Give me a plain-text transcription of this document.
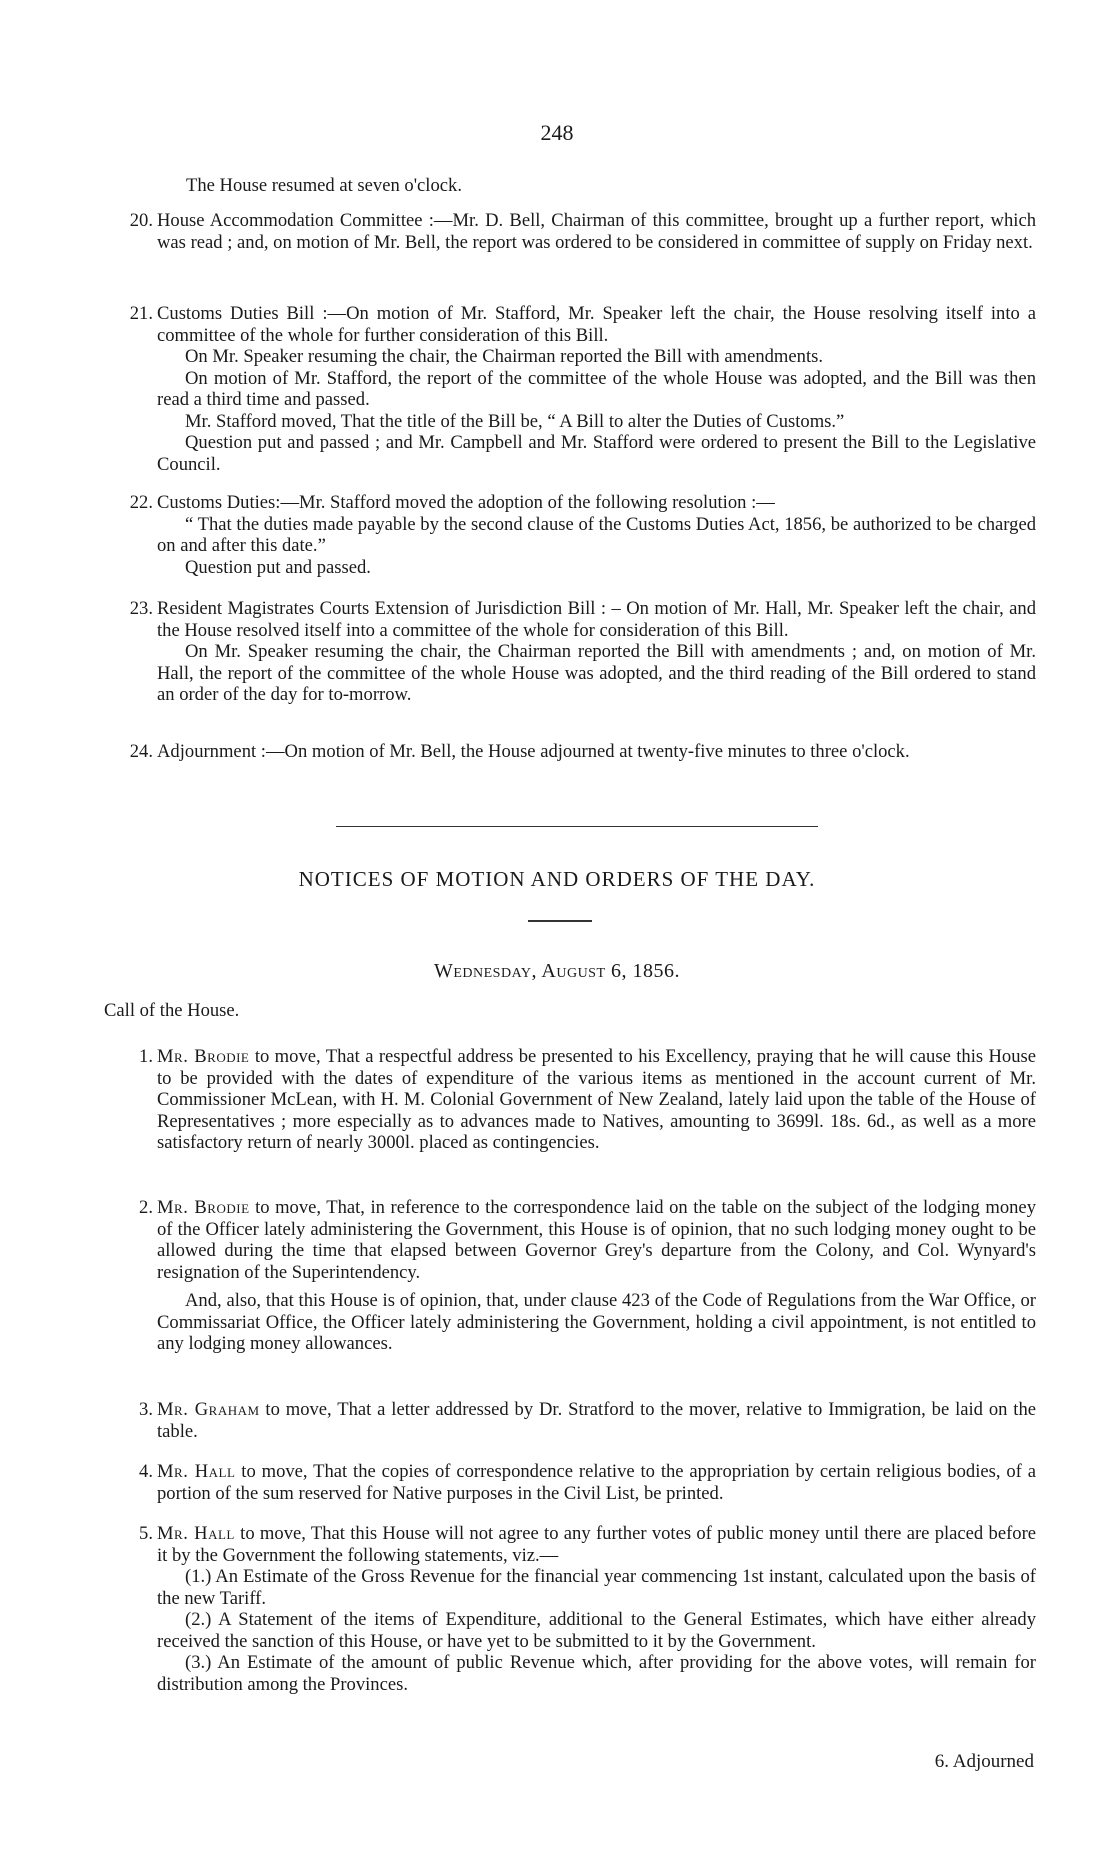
248

The House resumed at seven o'clock.

20. House Accommodation Committee :—Mr. D. Bell, Chairman of this committee, brought up a further report, which was read ; and, on motion of Mr. Bell, the report was ordered to be considered in committee of supply on Friday next.

21. Customs Duties Bill :—On motion of Mr. Stafford, Mr. Speaker left the chair, the House resolving itself into a committee of the whole for further consideration of this Bill.

On Mr. Speaker resuming the chair, the Chairman reported the Bill with amendments.

On motion of Mr. Stafford, the report of the committee of the whole House was adopted, and the Bill was then read a third time and passed.

Mr. Stafford moved, That the title of the Bill be, “ A Bill to alter the Duties of Customs.”

Question put and passed ; and Mr. Campbell and Mr. Stafford were ordered to present the Bill to the Legislative Council.

22. Customs Duties:—Mr. Stafford moved the adoption of the following resolution :—

“ That the duties made payable by the second clause of the Customs Duties Act, 1856, be authorized to be charged on and after this date.”

Question put and passed.

23. Resident Magistrates Courts Extension of Jurisdiction Bill : – On motion of Mr. Hall, Mr. Speaker left the chair, and the House resolved itself into a committee of the whole for consideration of this Bill.

On Mr. Speaker resuming the chair, the Chairman reported the Bill with amendments ; and, on motion of Mr. Hall, the report of the committee of the whole House was adopted, and the third reading of the Bill ordered to stand an order of the day for to-morrow.

24. Adjournment :—On motion of Mr. Bell, the House adjourned at twenty-five minutes to three o'clock.

NOTICES OF MOTION AND ORDERS OF THE DAY.
Wednesday, August 6, 1856.

Call of the House.

1. Mr. Brodie to move, That a respectful address be presented to his Excellency, praying that he will cause this House to be provided with the dates of expenditure of the various items as mentioned in the account current of Mr. Commissioner McLean, with H. M. Colonial Government of New Zealand, lately laid upon the table of the House of Representatives ; more especially as to advances made to Natives, amounting to 3699l. 18s. 6d., as well as a more satisfactory return of nearly 3000l. placed as contingencies.

2. Mr. Brodie to move, That, in reference to the correspondence laid on the table on the subject of the lodging money of the Officer lately administering the Government, this House is of opinion, that no such lodging money ought to be allowed during the time that elapsed between Governor Grey's departure from the Colony, and Col. Wynyard's resignation of the Superintendency.

And, also, that this House is of opinion, that, under clause 423 of the Code of Regulations from the War Office, or Commissariat Office, the Officer lately administering the Government, holding a civil appointment, is not entitled to any lodging money allowances.

3. Mr. Graham to move, That a letter addressed by Dr. Stratford to the mover, relative to Immigration, be laid on the table.

4. Mr. Hall to move, That the copies of correspondence relative to the appropriation by certain religious bodies, of a portion of the sum reserved for Native purposes in the Civil List, be printed.

5. Mr. Hall to move, That this House will not agree to any further votes of public money until there are placed before it by the Government the following statements, viz.—

(1.) An Estimate of the Gross Revenue for the financial year commencing 1st instant, calculated upon the basis of the new Tariff.

(2.) A Statement of the items of Expenditure, additional to the General Estimates, which have either already received the sanction of this House, or have yet to be submitted to it by the Government.

(3.) An Estimate of the amount of public Revenue which, after providing for the above votes, will remain for distribution among the Provinces.

6. Adjourned
